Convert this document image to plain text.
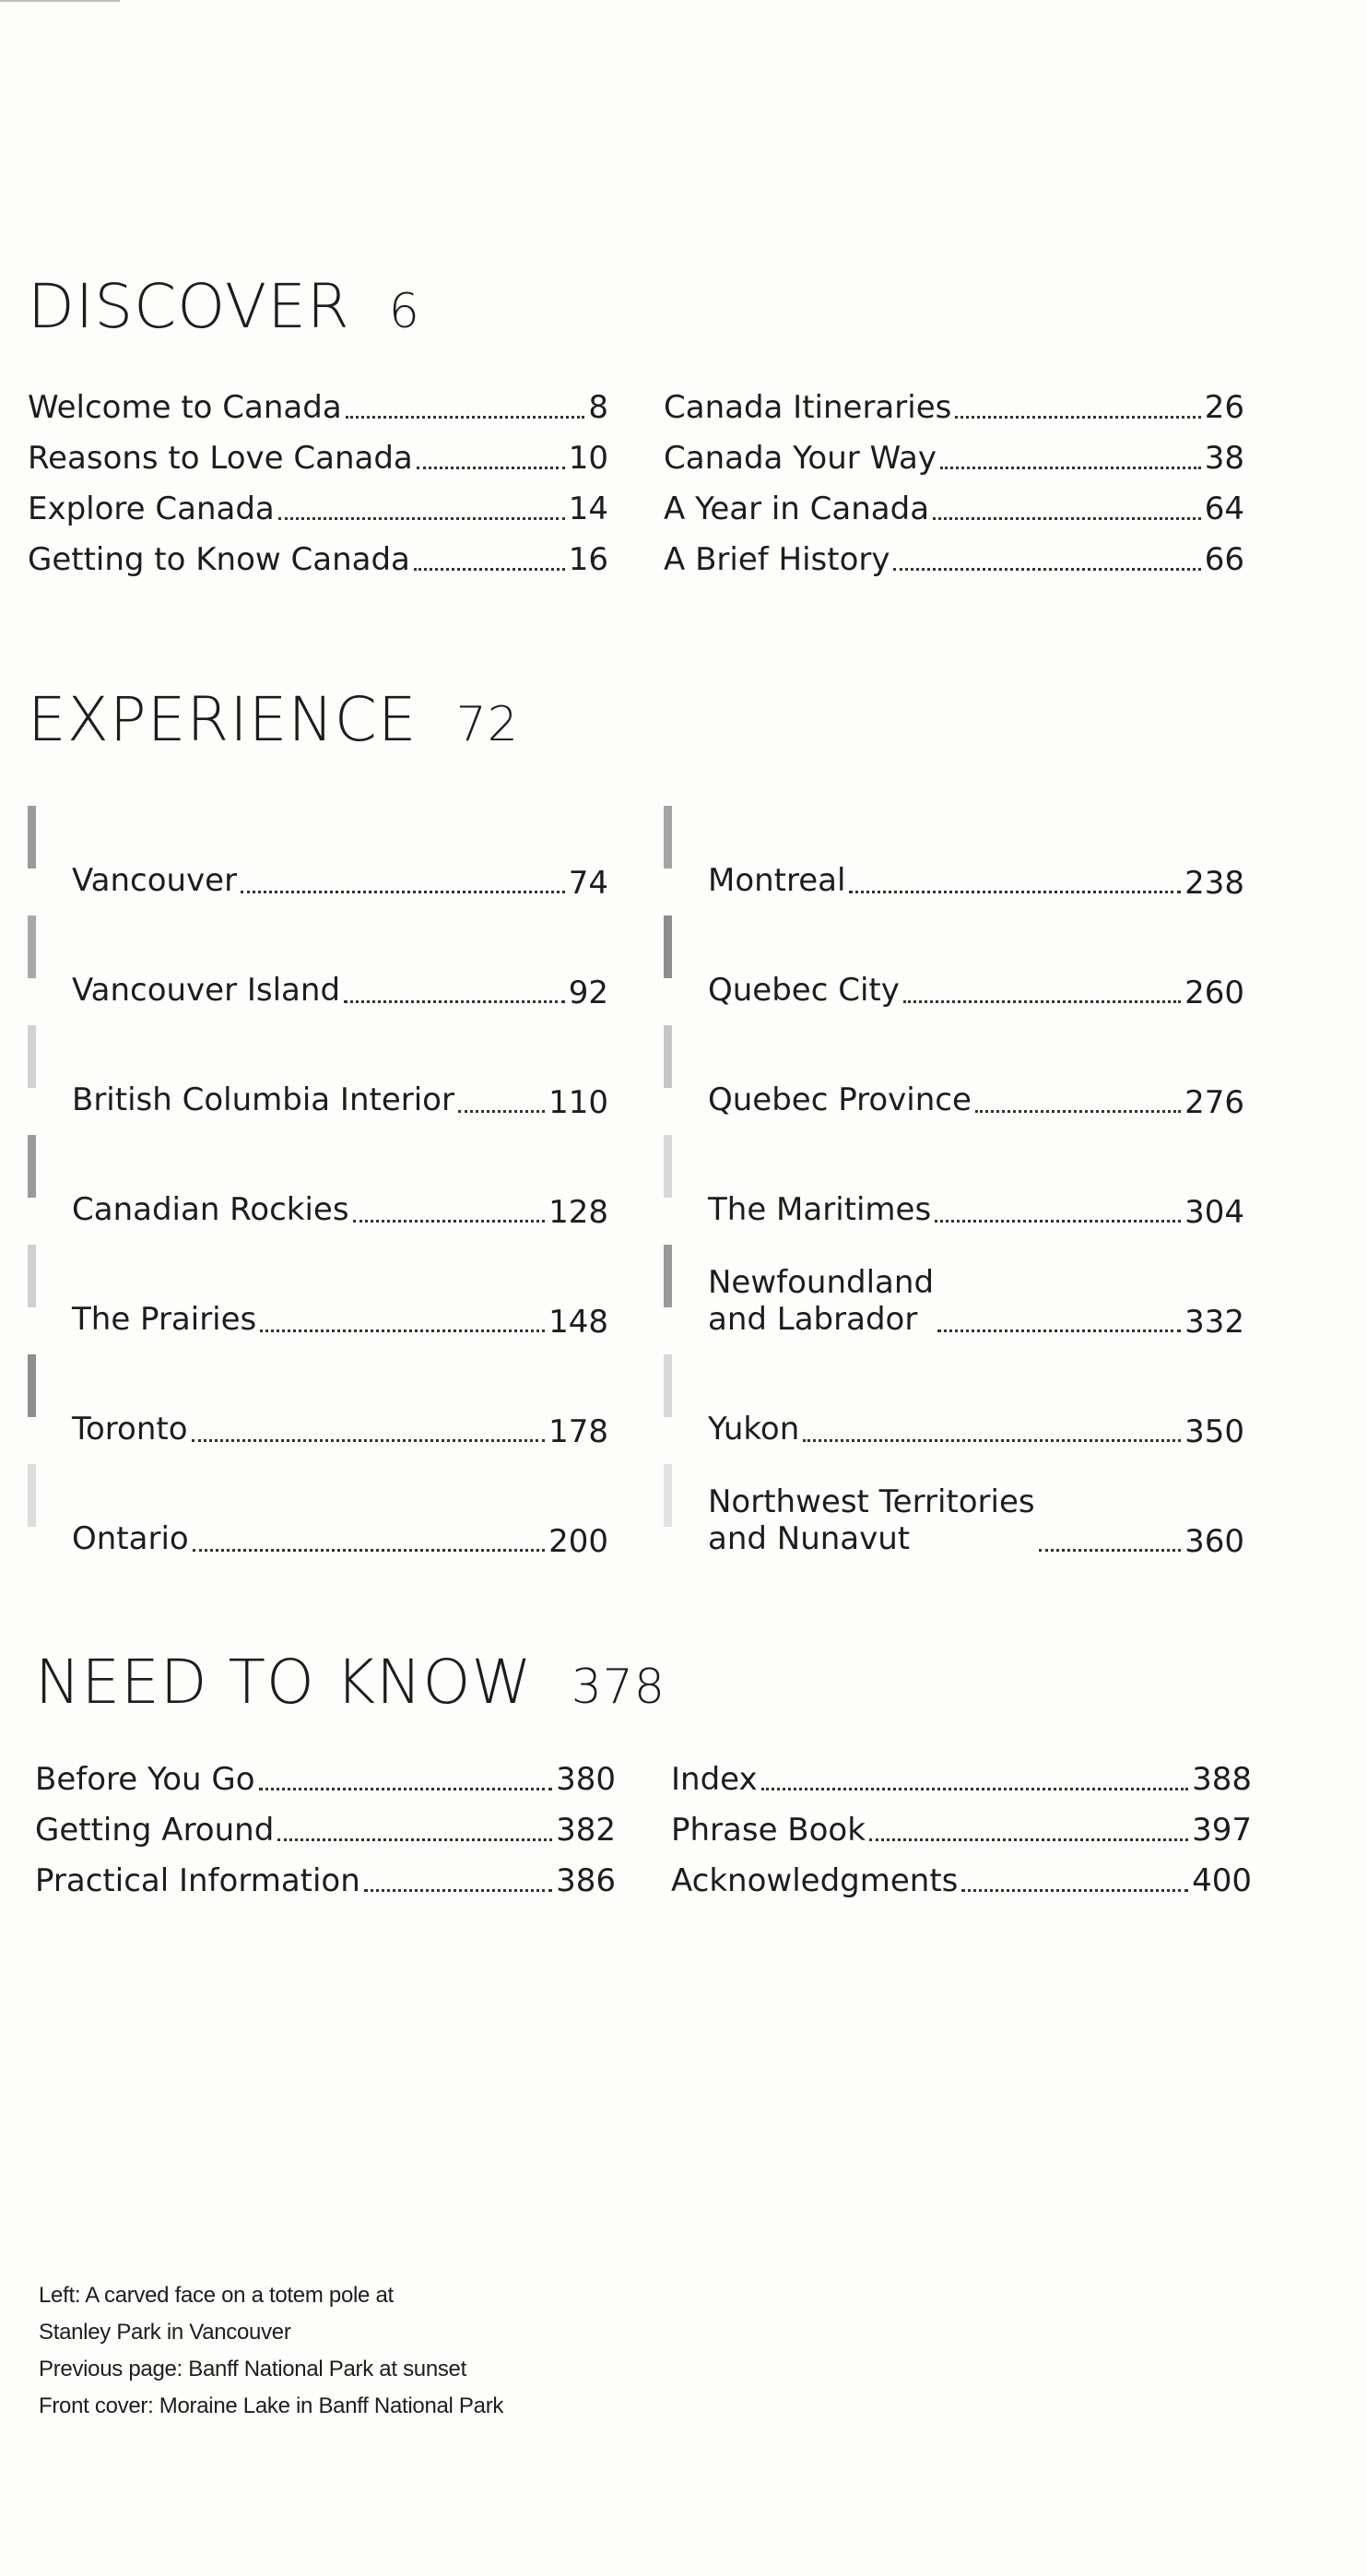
DISCOVER 6
Welcome to Canada	8
Reasons to Love Canada	10
Explore Canada	14
Getting to Know Canada	16
Canada Itineraries	26
Canada Your Way	38
A Year in Canada	64
A Brief History	66
EXPERIENCE 72
Vancouver	74
Vancouver Island	92
British Columbia Interior	110
Canadian Rockies	128
The Prairies	148
Toronto	178
Ontario	200
Montreal	238
Quebec City	260
Quebec Province	276
The Maritimes	304
Newfoundland
and Labrador	332
Yukon	350
Northwest Territories
and Nunavut	360
NEED TO KNOW 378
Before You Go	380
Getting Around	382
Practical Information	386
Index	388
Phrase Book	397
Acknowledgments	400
Left: A carved face on a totem pole at
Stanley Park in Vancouver
Previous page: Banff National Park at sunset
Front cover: Moraine Lake in Banff National Park
